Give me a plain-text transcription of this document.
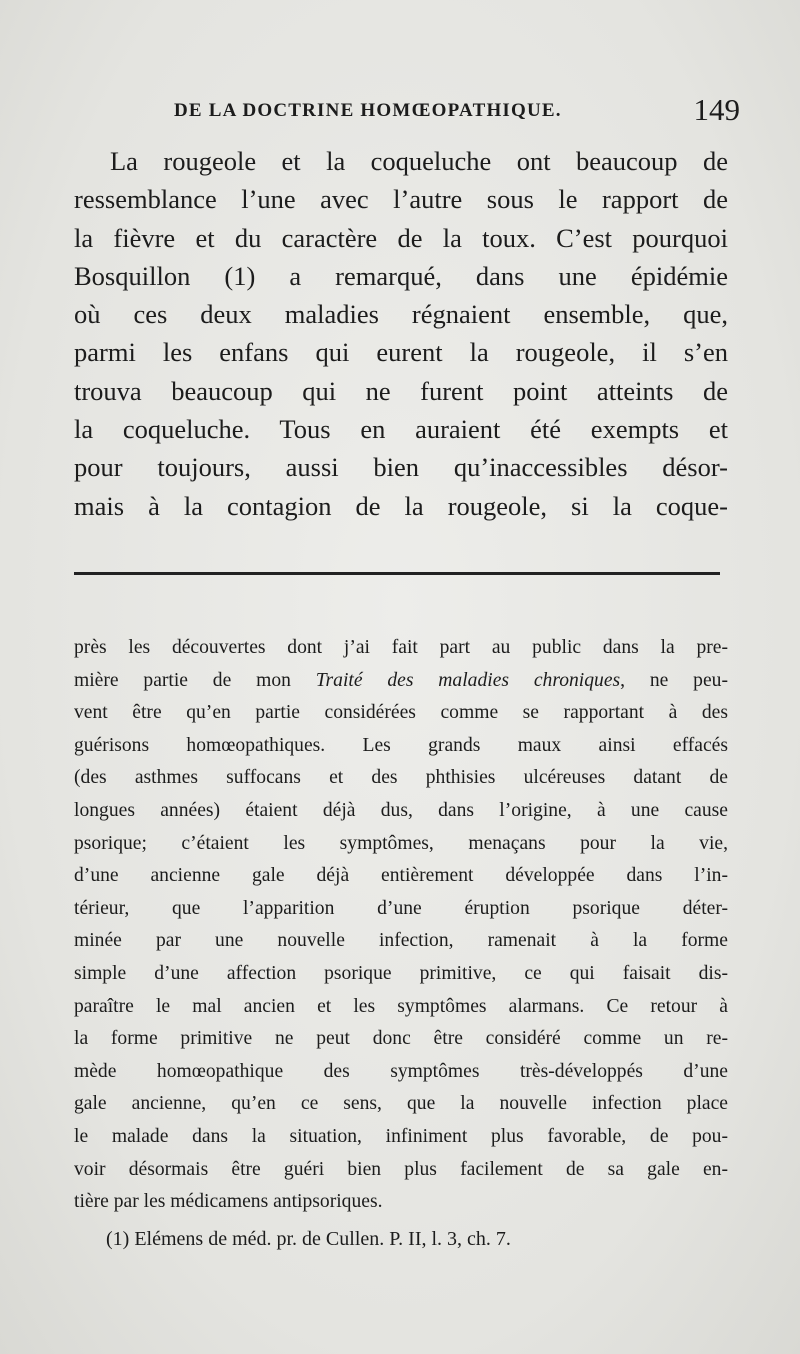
DE LA DOCTRINE HOMŒOPATHIQUE.	149
La rougeole et la coqueluche ont beaucoup de
ressemblance l’une avec l’autre sous le rapport de
la fièvre et du caractère de la toux. C’est pourquoi
Bosquillon (1) a remarqué, dans une épidémie
où ces deux maladies régnaient ensemble, que,
parmi les enfans qui eurent la rougeole, il s’en
trouva beaucoup qui ne furent point atteints de
la coqueluche. Tous en auraient été exempts et
pour toujours, aussi bien qu’inaccessibles désor-
mais à la contagion de la rougeole, si la coque-
près les découvertes dont j’ai fait part au public dans la pre-
mière partie de mon Traité des maladies chroniques, ne peu-
vent être qu’en partie considérées comme se rapportant à des
guérisons homœopathiques. Les grands maux ainsi effacés
(des asthmes suffocans et des phthisies ulcéreuses datant de
longues années) étaient déjà dus, dans l’origine, à une cause
psorique; c’étaient les symptômes, menaçans pour la vie,
d’une ancienne gale déjà entièrement développée dans l’in-
térieur, que l’apparition d’une éruption psorique déter-
minée par une nouvelle infection, ramenait à la forme
simple d’une affection psorique primitive, ce qui faisait dis-
paraître le mal ancien et les symptômes alarmans. Ce retour à
la forme primitive ne peut donc être considéré comme un re-
mède homœopathique des symptômes très-développés d’une
gale ancienne, qu’en ce sens, que la nouvelle infection place
le malade dans la situation, infiniment plus favorable, de pou-
voir désormais être guéri bien plus facilement de sa gale en-
tière par les médicamens antipsoriques.
(1) Elémens de méd. pr. de Cullen. P. II, l. 3, ch. 7.
